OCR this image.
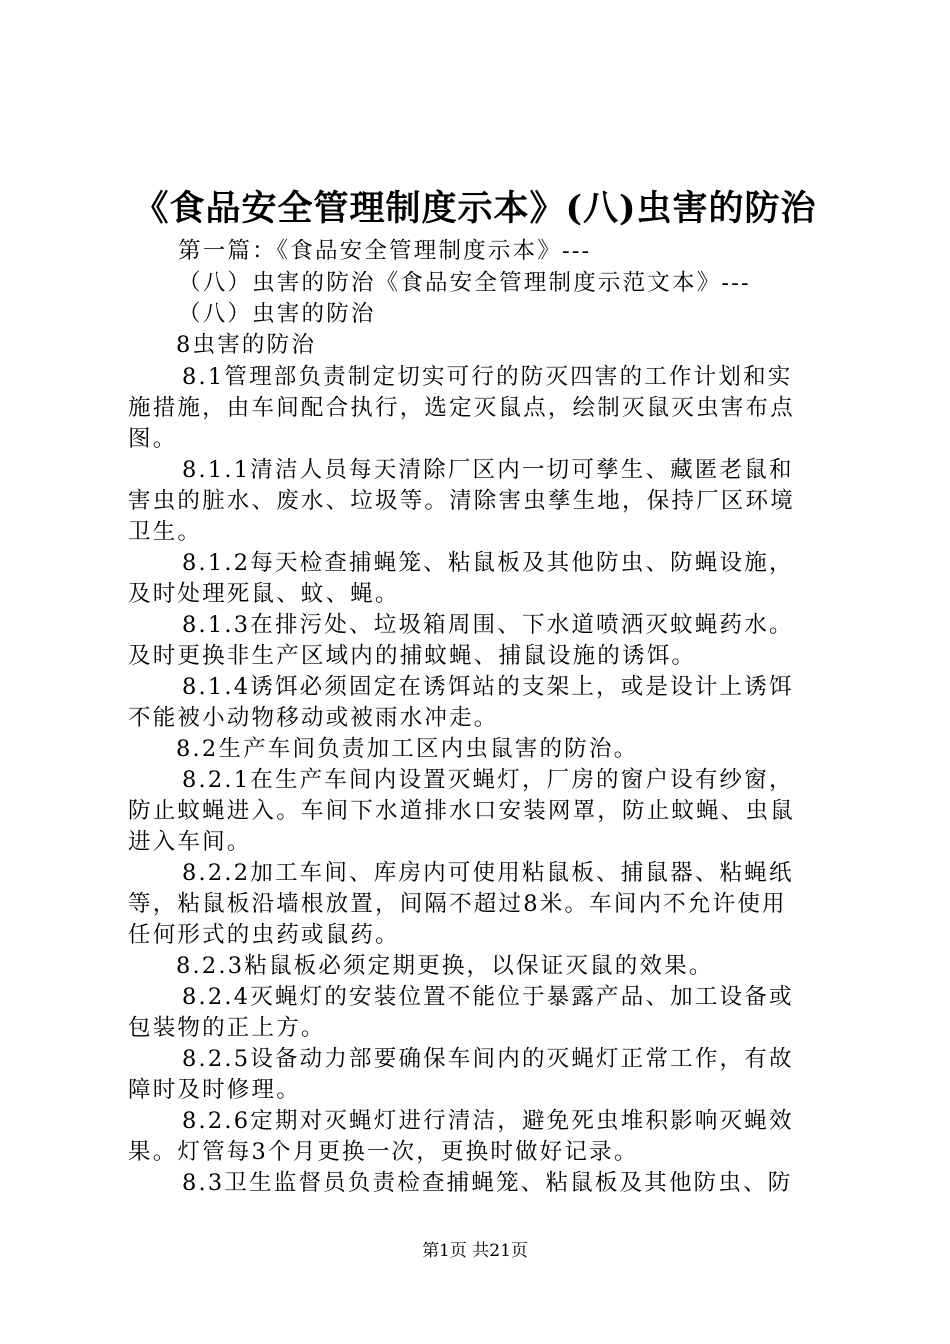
《食品安全管理制度示本》(八)虫害的防治
第一篇：《食品安全管理制度示本》---
（八）虫害的防治《食品安全管理制度示范文本》---
（八）虫害的防治
8虫害的防治
8.1管理部负责制定切实可行的防灭四害的工作计划和实
施措施，由车间配合执行，选定灭鼠点，绘制灭鼠灭虫害布点
图。
8.1.1清洁人员每天清除厂区内一切可孳生、藏匿老鼠和
害虫的脏水、废水、垃圾等。清除害虫孳生地，保持厂区环境
卫生。
8.1.2每天检查捕蝇笼、粘鼠板及其他防虫、防蝇设施，
及时处理死鼠、蚊、蝇。
8.1.3在排污处、垃圾箱周围、下水道喷洒灭蚊蝇药水。
及时更换非生产区域内的捕蚊蝇、捕鼠设施的诱饵。
8.1.4诱饵必须固定在诱饵站的支架上，或是设计上诱饵
不能被小动物移动或被雨水冲走。
8.2生产车间负责加工区内虫鼠害的防治。
8.2.1在生产车间内设置灭蝇灯，厂房的窗户设有纱窗，
防止蚊蝇进入。车间下水道排水口安装网罩，防止蚊蝇、虫鼠
进入车间。
8.2.2加工车间、库房内可使用粘鼠板、捕鼠器、粘蝇纸
等，粘鼠板沿墙根放置，间隔不超过8米。车间内不允许使用
任何形式的虫药或鼠药。
8.2.3粘鼠板必须定期更换，以保证灭鼠的效果。
8.2.4灭蝇灯的安装位置不能位于暴露产品、加工设备或
包装物的正上方。
8.2.5设备动力部要确保车间内的灭蝇灯正常工作，有故
障时及时修理。
8.2.6定期对灭蝇灯进行清洁，避免死虫堆积影响灭蝇效
果。灯管每3个月更换一次，更换时做好记录。
8.3卫生监督员负责检查捕蝇笼、粘鼠板及其他防虫、防
第1页 共21页
